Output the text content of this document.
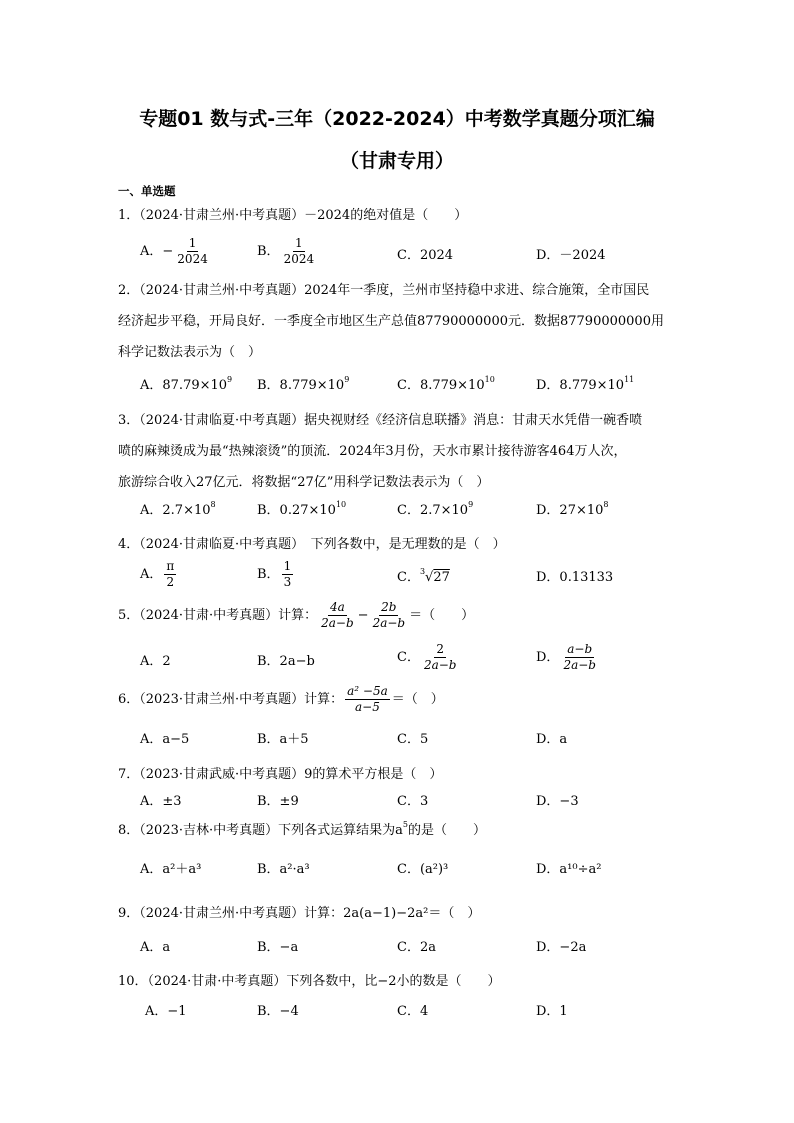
专题01 数与式-三年（2022-2024）中考数学真题分项汇编
（甘肃专用）
一、单选题
1．（2024·甘肃兰州·中考真题）－2024的绝对值是（　　）
A．− $\frac{1}{2024}$	B． $\frac{1}{2024}$	C．2024	D．－2024
2．（2024·甘肃兰州·中考真题）2024年一季度，兰州市坚持稳中求进、综合施策，全市国民
经济起步平稳，开局良好．一季度全市地区生产总值87790000000元．数据87790000000用
科学记数法表示为（　）
A．$87.79\times 10^9$ B．$8.779\times 10^9$	C．$8.779\times 10^{10}$	D．$8.779\times 10^{11}$
3．（2024·甘肃临夏·中考真题）据央视财经《经济信息联播》消息：甘肃天水凭借一碗香喷
喷的麻辣烫成为最“热辣滚烫”的顶流．2024年3月份，天水市累计接待游客464万人次，
旅游综合收入27亿元．将数据“27亿”用科学记数法表示为（　）
A．$2.7\times 10^8$	B．$0.27\times 10^{10}$	C．$2.7\times 10^9$	D．$27\times 10^8$
4．（2024·甘肃临夏·中考真题）　下列各数中，是无理数的是（　）
A． $\frac{\pi}{2}$	B． $\frac{1}{3}$	C．$^3$√27	D．0.13133
5．（2024·甘肃·中考真题）计算： $\frac{4a}{2a-b} - \frac{2b}{2a-b}$ ＝（　　）
A．2	B．2a−b	C． $\frac{2}{2a-b}$	D． $\frac{a-b}{2a-b}$
6．（2023·甘肃兰州·中考真题）计算： $\frac{\text{a² −5a}}{a-5}$ ＝（　）
A．a−5	B．a＋5	C．5	D．a
7．（2023·甘肃武威·中考真题）9的算术平方根是（　）
A．±3	B．±9	C．3	D．−3
8．（2023·吉林·中考真题）下列各式运算结果为$a^5$的是（　　）
A．a²＋a³	B．a²·a³	C．(a²)³	D．a¹⁰÷a²
9．（2024·甘肃兰州·中考真题）计算：2a(a−1)−2a²＝（　）
A．a	B．−a	C．2a	D．−2a
10．（2024·甘肃·中考真题）下列各数中，比−2小的数是（　　）
A．−1	B．−4	C．4	D．1
